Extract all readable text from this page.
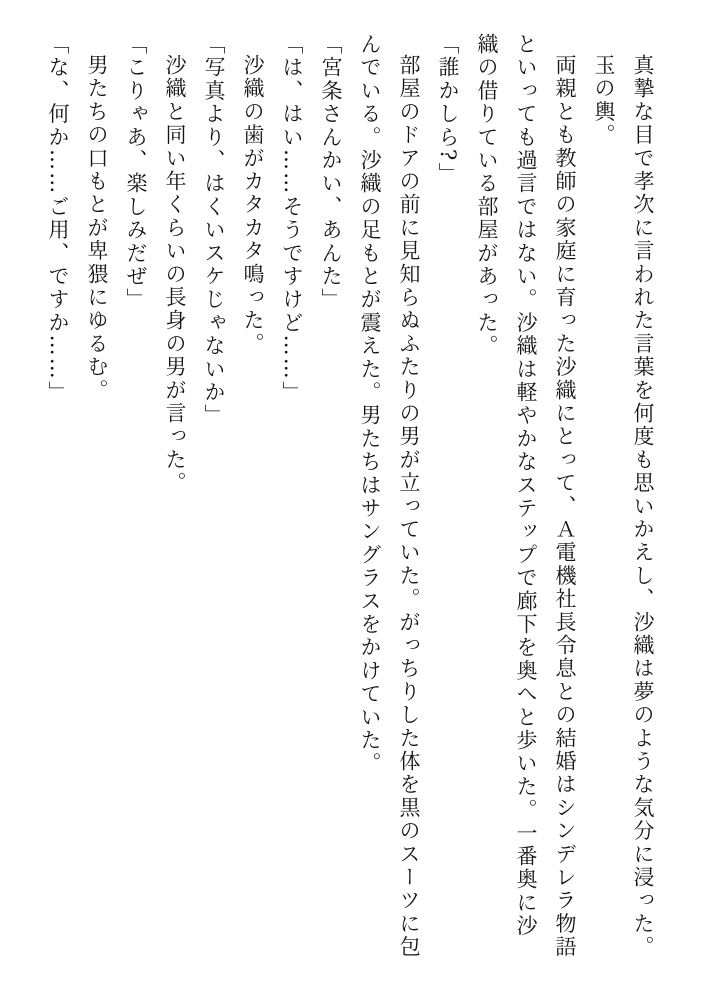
真摯な目で孝次に言われた言葉を何度も思いかえし、沙織は夢のような気分に浸った。

玉の輿。

両親とも教師の家庭に育った沙織にとって、Ａ電機社長令息との結婚はシンデレラ物語といっても過言ではない。沙織は軽やかなステップで廊下を奥へと歩いた。一番奥に沙織の借りている部屋があった。

「誰かしら?」

部屋のドアの前に見知らぬふたりの男が立っていた。がっちりした体を黒のスーツに包んでいる。沙織の足もとが震えた。男たちはサングラスをかけていた。

「宮条さんかい、あんた」

「は、はい……そうですけど……」

沙織の歯がカタカタ鳴った。

「写真より、はくいスケじゃないか」

沙織と同い年くらいの長身の男が言った。

「こりゃあ、楽しみだぜ」

男たちの口もとが卑猥にゆるむ。

「な、何か……ご用、ですか……」
